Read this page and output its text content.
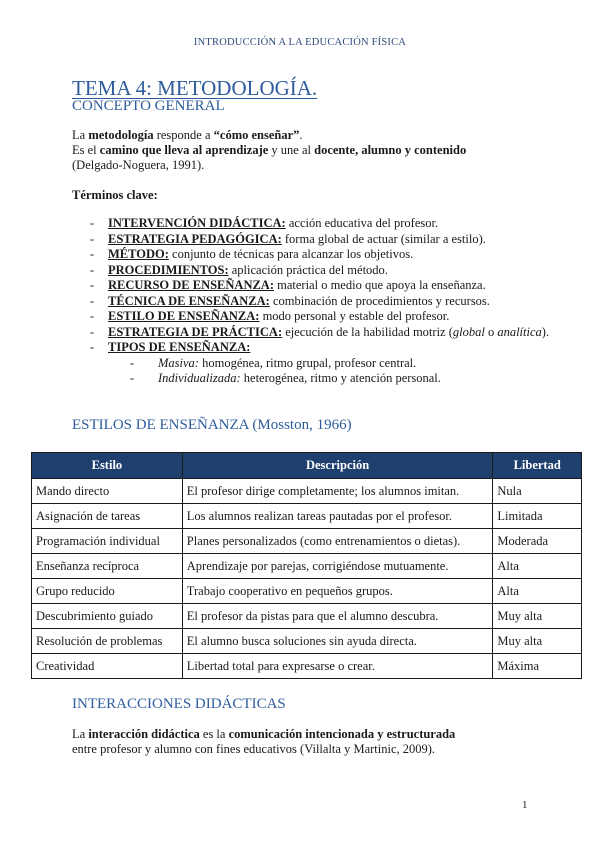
INTRODUCCIÓN A LA EDUCACIÓN FÍSICA
TEMA 4: METODOLOGÍA.
CONCEPTO GENERAL
La metodología responde a “cómo enseñar”.
Es el camino que lleva al aprendizaje y une al docente, alumno y contenido
(Delgado-Noguera, 1991).
Términos clave:
- INTERVENCIÓN DIDÁCTICA: acción educativa del profesor.
- ESTRATEGIA PEDAGÓGICA: forma global de actuar (similar a estilo).
- MÉTODO: conjunto de técnicas para alcanzar los objetivos.
- PROCEDIMIENTOS: aplicación práctica del método.
- RECURSO DE ENSEÑANZA: material o medio que apoya la enseñanza.
- TÉCNICA DE ENSEÑANZA: combinación de procedimientos y recursos.
- ESTILO DE ENSEÑANZA: modo personal y estable del profesor.
- ESTRATEGIA DE PRÁCTICA: ejecución de la habilidad motriz (global o analítica).
- TIPOS DE ENSEÑANZA:
- Masiva: homogénea, ritmo grupal, profesor central.
- Individualizada: heterogénea, ritmo y atención personal.
ESTILOS DE ENSEÑANZA (Mosston, 1966)
Estilo	Descripción	Libertad
Mando directo	El profesor dirige completamente; los alumnos imitan.	Nula
Asignación de tareas	Los alumnos realizan tareas pautadas por el profesor.	Limitada
Programación individual	Planes personalizados (como entrenamientos o dietas).	Moderada
Enseñanza recíproca	Aprendizaje por parejas, corrigiéndose mutuamente.	Alta
Grupo reducido	Trabajo cooperativo en pequeños grupos.	Alta
Descubrimiento guiado	El profesor da pistas para que el alumno descubra.	Muy alta
Resolución de problemas	El alumno busca soluciones sin ayuda directa.	Muy alta
Creatividad	Libertad total para expresarse o crear.	Máxima
INTERACCIONES DIDÁCTICAS
La interacción didáctica es la comunicación intencionada y estructurada
entre profesor y alumno con fines educativos (Villalta y Martinic, 2009).
1
